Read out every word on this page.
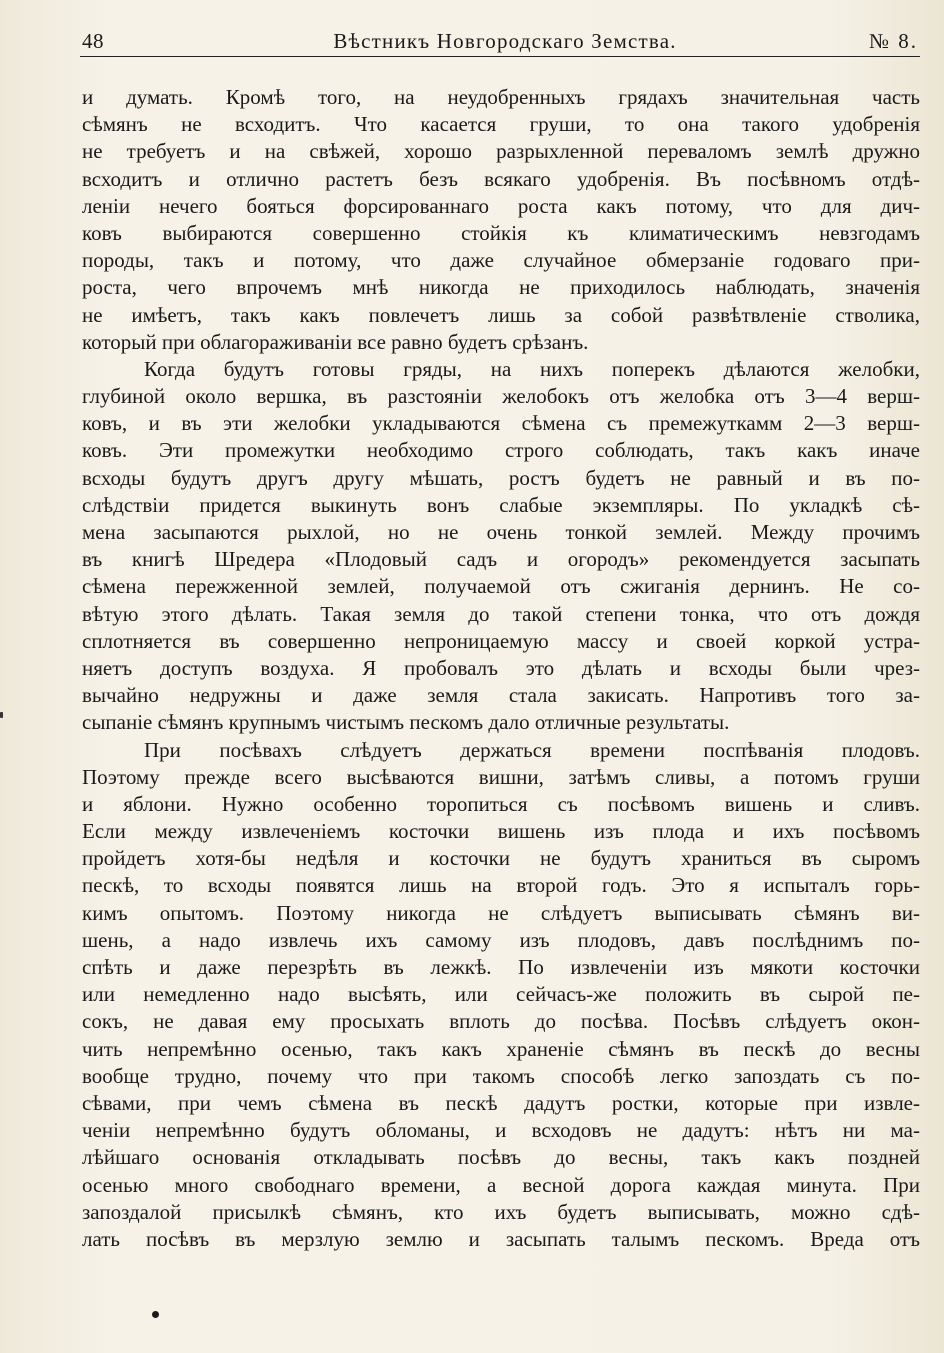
48	Вѣстникъ Новгородскаго Земства.	№ 8.
и думать. Кромѣ того, на неудобренныхъ грядахъ значительная часть
сѣмянъ не всходитъ. Что касается груши, то она такого удобренія
не требуетъ и на свѣжей, хорошо разрыхленной переваломъ землѣ дружно
всходитъ и отлично растетъ безъ всякаго удобренія. Въ посѣвномъ отдѣ-
леніи нечего бояться форсированнаго роста какъ потому, что для дич-
ковъ выбираются совершенно стойкія къ климатическимъ невзгодамъ
породы, такъ и потому, что даже случайное обмерзаніе годоваго при-
роста, чего впрочемъ мнѣ никогда не приходилось наблюдать, значенія
не имѣетъ, такъ какъ повлечетъ лишь за собой развѣтвленіе стволика,
который при облагораживаніи все равно будетъ срѣзанъ.
Когда будутъ готовы гряды, на нихъ поперекъ дѣлаются желобки,
глубиной около вершка, въ разстояніи желобокъ отъ желобка отъ 3—4 верш-
ковъ, и въ эти желобки укладываются сѣмена съ премежуткамм 2—3 верш-
ковъ. Эти промежутки необходимо строго соблюдать, такъ какъ иначе
всходы будутъ другъ другу мѣшать, ростъ будетъ не равный и въ по-
слѣдствіи придется выкинуть вонъ слабые экземпляры. По укладкѣ сѣ-
мена засыпаются рыхлой, но не очень тонкой землей. Между прочимъ
въ книгѣ Шредера «Плодовый садъ и огородъ» рекомендуется засыпать
сѣмена пережженной землей, получаемой отъ сжиганія дернинъ. Не со-
вѣтую этого дѣлать. Такая земля до такой степени тонка, что отъ дождя
сплотняется въ совершенно непроницаемую массу и своей коркой устра-
няетъ доступъ воздуха. Я пробовалъ это дѣлать и всходы были чрез-
вычайно недружны и даже земля стала закисать. Напротивъ того за-
сыпаніе сѣмянъ крупнымъ чистымъ пескомъ дало отличные результаты.
При посѣвахъ слѣдуетъ держаться времени поспѣванія плодовъ.
Поэтому прежде всего высѣваются вишни, затѣмъ сливы, а потомъ груши
и яблони. Нужно особенно торопиться съ посѣвомъ вишень и сливъ.
Если между извлеченіемъ косточки вишень изъ плода и ихъ посѣвомъ
пройдетъ хотя-бы недѣля и косточки не будутъ храниться въ сыромъ
пескѣ, то всходы появятся лишь на второй годъ. Это я испыталъ горь-
кимъ опытомъ. Поэтому никогда не слѣдуетъ выписывать сѣмянъ ви-
шень, а надо извлечь ихъ самому изъ плодовъ, давъ послѣднимъ по-
спѣть и даже перезрѣть въ лежкѣ. По извлеченіи изъ мякоти косточки
или немедленно надо высѣять, или сейчасъ-же положить въ сырой пе-
сокъ, не давая ему просыхать вплоть до посѣва. Посѣвъ слѣдуетъ окон-
чить непремѣнно осенью, такъ какъ храненіе сѣмянъ въ пескѣ до весны
вообще трудно, почему что при такомъ способѣ легко запоздать съ по-
сѣвами, при чемъ сѣмена въ пескѣ дадутъ ростки, которые при извле-
ченіи непремѣнно будутъ обломаны, и всходовъ не дадутъ: нѣтъ ни ма-
лѣйшаго основанія откладывать посѣвъ до весны, такъ какъ поздней
осенью много свободнаго времени, а весной дорога каждая минута. При
запоздалой присылкѣ сѣмянъ, кто ихъ будетъ выписывать, можно сдѣ-
лать посѣвъ въ мерзлую землю и засыпать талымъ пескомъ. Вреда отъ
